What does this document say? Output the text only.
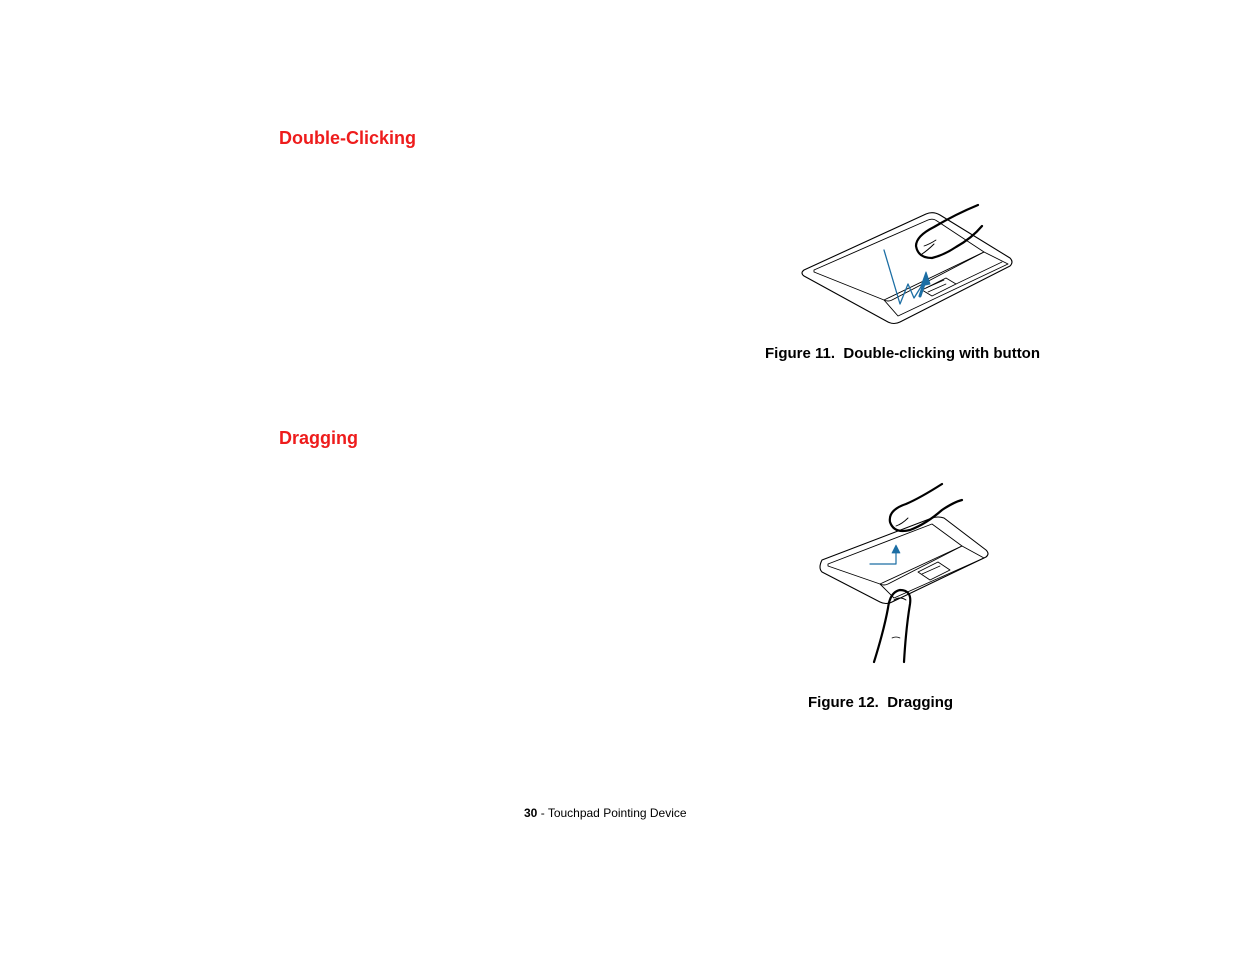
Double-Clicking

Figure 11.  Double-clicking with button

Dragging

Figure 12.  Dragging

30 - Touchpad Pointing Device
